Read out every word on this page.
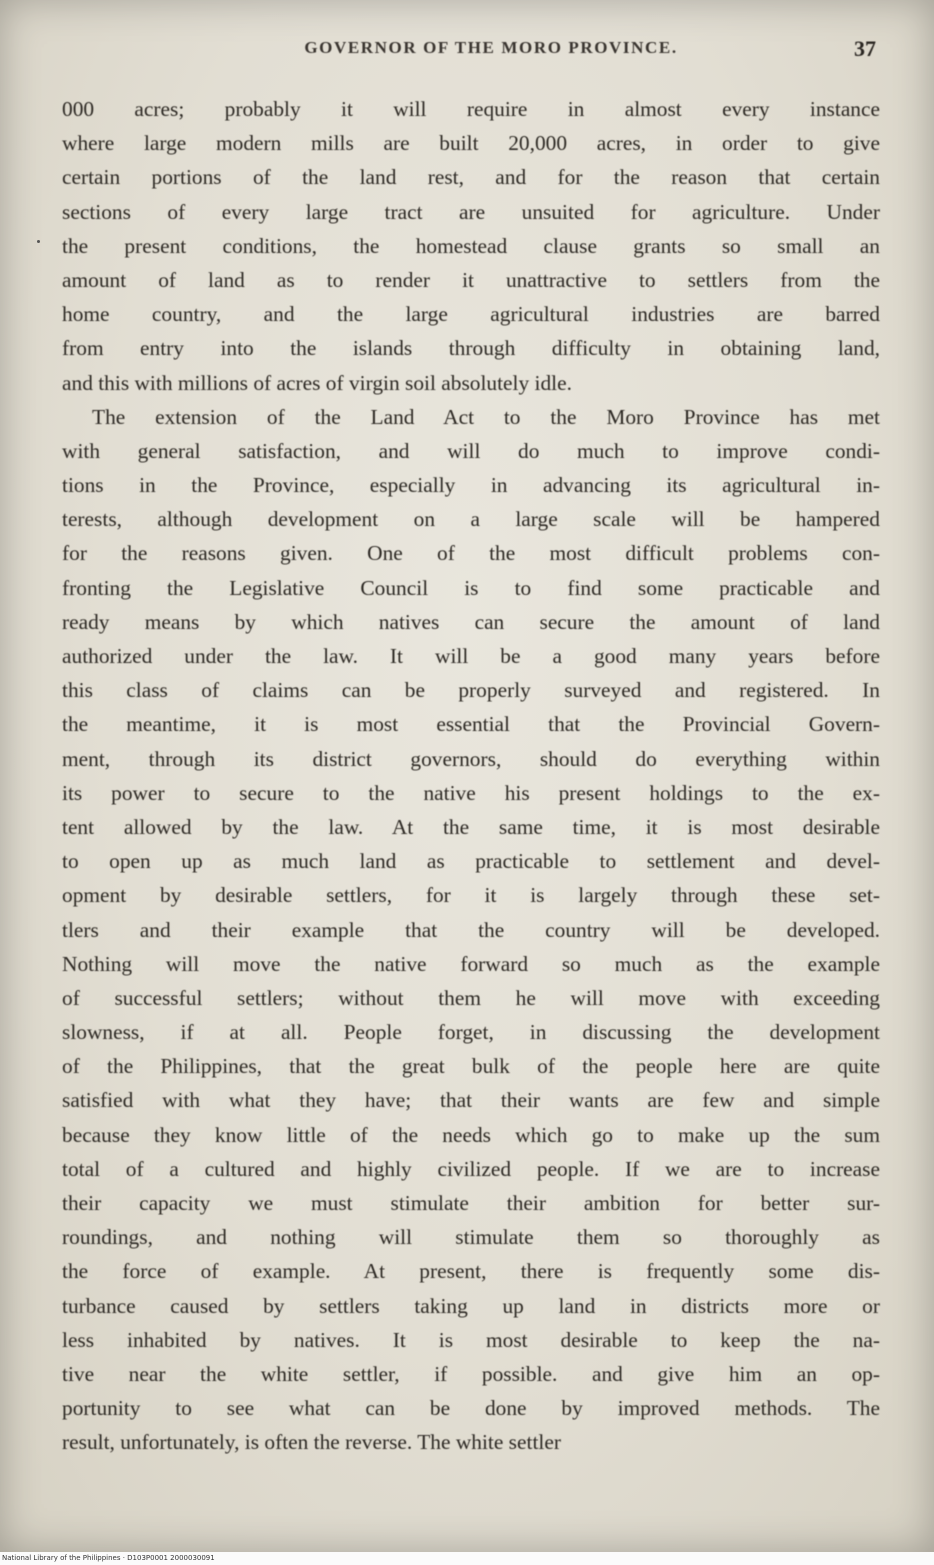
GOVERNOR OF THE MORO PROVINCE.	37
000 acres; probably it will require in almost every instance
where large modern mills are built 20,000 acres, in order to give
certain portions of the land rest, and for the reason that certain
sections of every large tract are unsuited for agriculture. Under
the present conditions, the homestead clause grants so small an
amount of land as to render it unattractive to settlers from the
home country, and the large agricultural industries are barred
from entry into the islands through difficulty in obtaining land,
and this with millions of acres of virgin soil absolutely idle.
The extension of the Land Act to the Moro Province has met
with general satisfaction, and will do much to improve condi-
tions in the Province, especially in advancing its agricultural in-
terests, although development on a large scale will be hampered
for the reasons given. One of the most difficult problems con-
fronting the Legislative Council is to find some practicable and
ready means by which natives can secure the amount of land
authorized under the law. It will be a good many years before
this class of claims can be properly surveyed and registered. In
the meantime, it is most essential that the Provincial Govern-
ment, through its district governors, should do everything within
its power to secure to the native his present holdings to the ex-
tent allowed by the law. At the same time, it is most desirable
to open up as much land as practicable to settlement and devel-
opment by desirable settlers, for it is largely through these set-
tlers and their example that the country will be developed.
Nothing will move the native forward so much as the example
of successful settlers; without them he will move with exceeding
slowness, if at all. People forget, in discussing the development
of the Philippines, that the great bulk of the people here are quite
satisfied with what they have; that their wants are few and simple
because they know little of the needs which go to make up the sum
total of a cultured and highly civilized people. If we are to increase
their capacity we must stimulate their ambition for better sur-
roundings, and nothing will stimulate them so thoroughly as
the force of example. At present, there is frequently some dis-
turbance caused by settlers taking up land in districts more or
less inhabited by natives. It is most desirable to keep the na-
tive near the white settler, if possible. and give him an op-
portunity to see what can be done by improved methods. The
result, unfortunately, is often the reverse. The white settler
National Library of the Philippines · D103P0001 2000030091
